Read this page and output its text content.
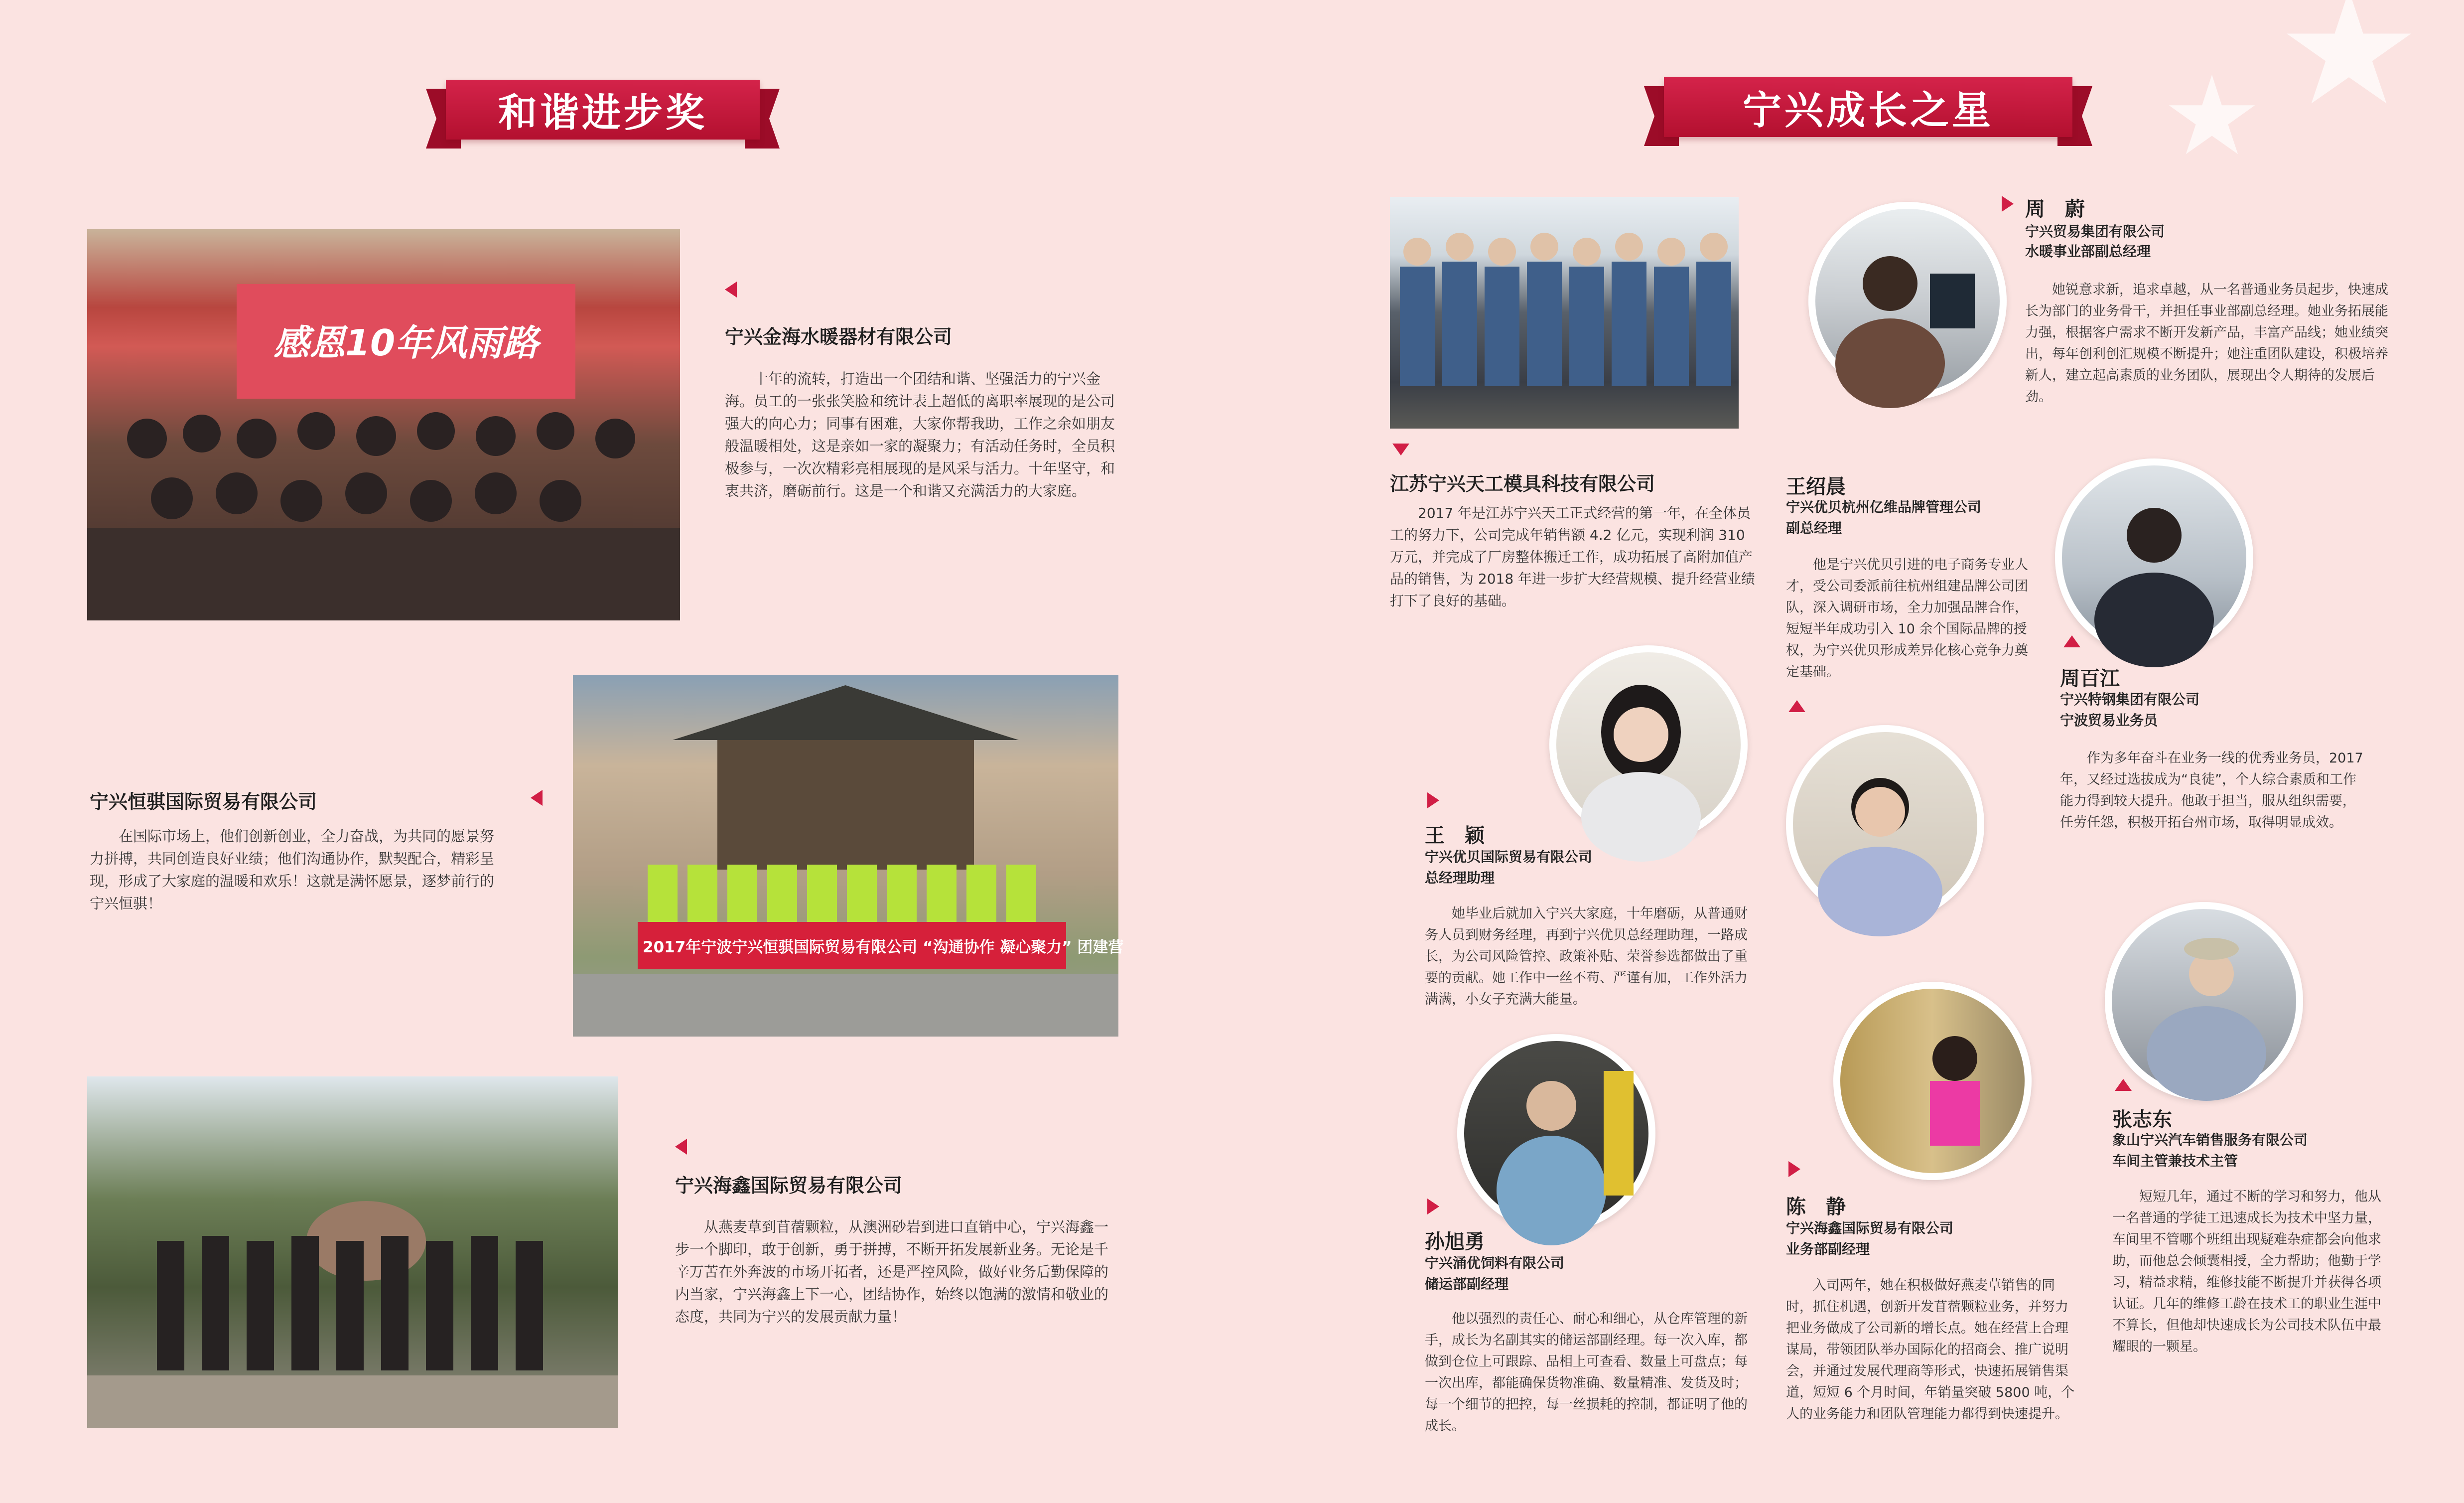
和谐进步奖	宁兴成长之星
感恩10年风雨路	宁兴金海水暖器材有限公司
十年的流转，打造出一个团结和谐、坚强活力的宁兴金海。员工的一张张笑脸和统计表上超低的离职率展现的是公司强大的向心力；同事有困难，大家你帮我助，工作之余如朋友般温暖相处，这是亲如一家的凝聚力；有活动任务时，全员积极参与，一次次精彩亮相展现的是风采与活力。十年坚守，和衷共济，磨砺前行。这是一个和谐又充满活力的大家庭。
宁兴恒骐国际贸易有限公司
在国际市场上，他们创新创业，全力奋战，为共同的愿景努力拼搏，共同创造良好业绩；他们沟通协作，默契配合，精彩呈现，形成了大家庭的温暖和欢乐！这就是满怀愿景，逐梦前行的宁兴恒骐！
2017年宁波宁兴恒骐国际贸易有限公司 “沟通协作 凝心聚力” 团建营
宁兴海鑫国际贸易有限公司
从燕麦草到苜蓿颗粒，从澳洲砂岩到进口直销中心，宁兴海鑫一步一个脚印，敢于创新，勇于拼搏，不断开拓发展新业务。无论是千辛万苦在外奔波的市场开拓者，还是严控风险，做好业务后勤保障的内当家，宁兴海鑫上下一心，团结协作，始终以饱满的激情和敬业的态度，共同为宁兴的发展贡献力量！
江苏宁兴天工模具科技有限公司
2017 年是江苏宁兴天工正式经营的第一年，在全体员工的努力下，公司完成年销售额 4.2 亿元，实现利润 310 万元，并完成了厂房整体搬迁工作，成功拓展了高附加值产品的销售，为 2018 年进一步扩大经营规模、提升经营业绩打下了良好的基础。
周　蔚
宁兴贸易集团有限公司
水暖事业部副总经理
她锐意求新，追求卓越，从一名普通业务员起步，快速成长为部门的业务骨干，并担任事业部副总经理。她业务拓展能力强，根据客户需求不断开发新产品，丰富产品线；她业绩突出，每年创利创汇规模不断提升；她注重团队建设，积极培养新人，建立起高素质的业务团队，展现出令人期待的发展后劲。
王绍晨
宁兴优贝杭州亿维品牌管理公司
副总经理
他是宁兴优贝引进的电子商务专业人才，受公司委派前往杭州组建品牌公司团队，深入调研市场，全力加强品牌合作，短短半年成功引入 10 余个国际品牌的授权，为宁兴优贝形成差异化核心竞争力奠定基础。	周百江
宁兴特钢集团有限公司
宁波贸易业务员
作为多年奋斗在业务一线的优秀业务员，2017 年，又经过选拔成为“良徒”，个人综合素质和工作能力得到较大提升。他敢于担当，服从组织需要，任劳任怨，积极开拓台州市场，取得明显成效。
王　颖
宁兴优贝国际贸易有限公司
总经理助理
她毕业后就加入宁兴大家庭，十年磨砺，从普通财务人员到财务经理，再到宁兴优贝总经理助理，一路成长，为公司风险管控、政策补贴、荣誉参选都做出了重要的贡献。她工作中一丝不苟、严谨有加，工作外活力满满，小女子充满大能量。
孙旭勇
宁兴涌优饲料有限公司
储运部副经理
他以强烈的责任心、耐心和细心，从仓库管理的新手，成长为名副其实的储运部副经理。每一次入库，都做到仓位上可跟踪、品相上可查看、数量上可盘点；每一次出库，都能确保货物准确、数量精准、发货及时；每一个细节的把控，每一丝损耗的控制，都证明了他的成长。
陈　静
宁兴海鑫国际贸易有限公司
业务部副经理
入司两年，她在积极做好燕麦草销售的同时，抓住机遇，创新开发苜蓿颗粒业务，并努力把业务做成了公司新的增长点。她在经营上合理谋局，带领团队举办国际化的招商会、推广说明会，并通过发展代理商等形式，快速拓展销售渠道，短短 6 个月时间，年销量突破 5800 吨，个人的业务能力和团队管理能力都得到快速提升。
张志东
象山宁兴汽车销售服务有限公司
车间主管兼技术主管
短短几年，通过不断的学习和努力，他从一名普通的学徒工迅速成长为技术中坚力量，车间里不管哪个班组出现疑难杂症都会向他求助，而他总会倾囊相授，全力帮助；他勤于学习，精益求精，维修技能不断提升并获得各项认证。几年的维修工龄在技术工的职业生涯中不算长，但他却快速成长为公司技术队伍中最耀眼的一颗星。
